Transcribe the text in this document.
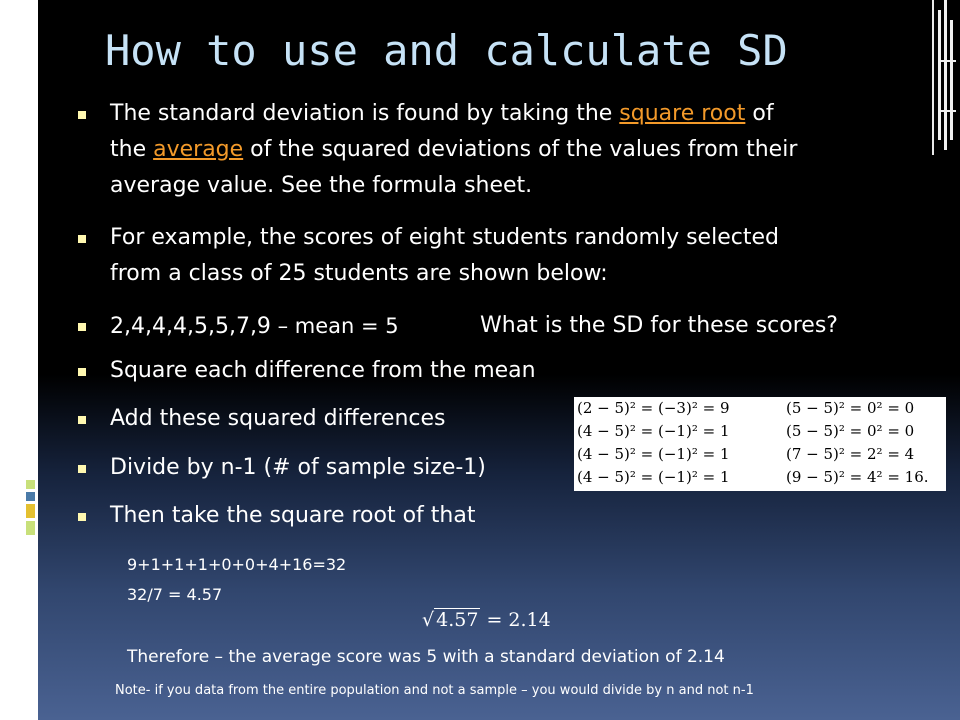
How to use and calculate SD
The standard deviation is found by taking the square root of
the average of the squared deviations of the values from their
average value. See the formula sheet.
For example, the scores of eight students randomly selected
from a class of 25 students are shown below:
2,4,4,4,5,5,7,9 – mean = 5	What is the SD for these scores?
Square each difference from the mean
Add these squared differences
Divide by n-1 (# of sample size-1)
Then take the square root of that
(2 − 5)² = (−3)² = 9
(4 − 5)² = (−1)² = 1
(4 − 5)² = (−1)² = 1
(4 − 5)² = (−1)² = 1
(5 − 5)² = 0² = 0
(5 − 5)² = 0² = 0
(7 − 5)² = 2² = 4
(9 − 5)² = 4² = 16.
9+1+1+1+0+0+4+16=32
32/7 = 4.57
√ 4.57 = 2.14
Therefore – the average score was 5 with a standard deviation of 2.14
Note- if you data from the entire population and not a sample – you would divide by n and not n-1
